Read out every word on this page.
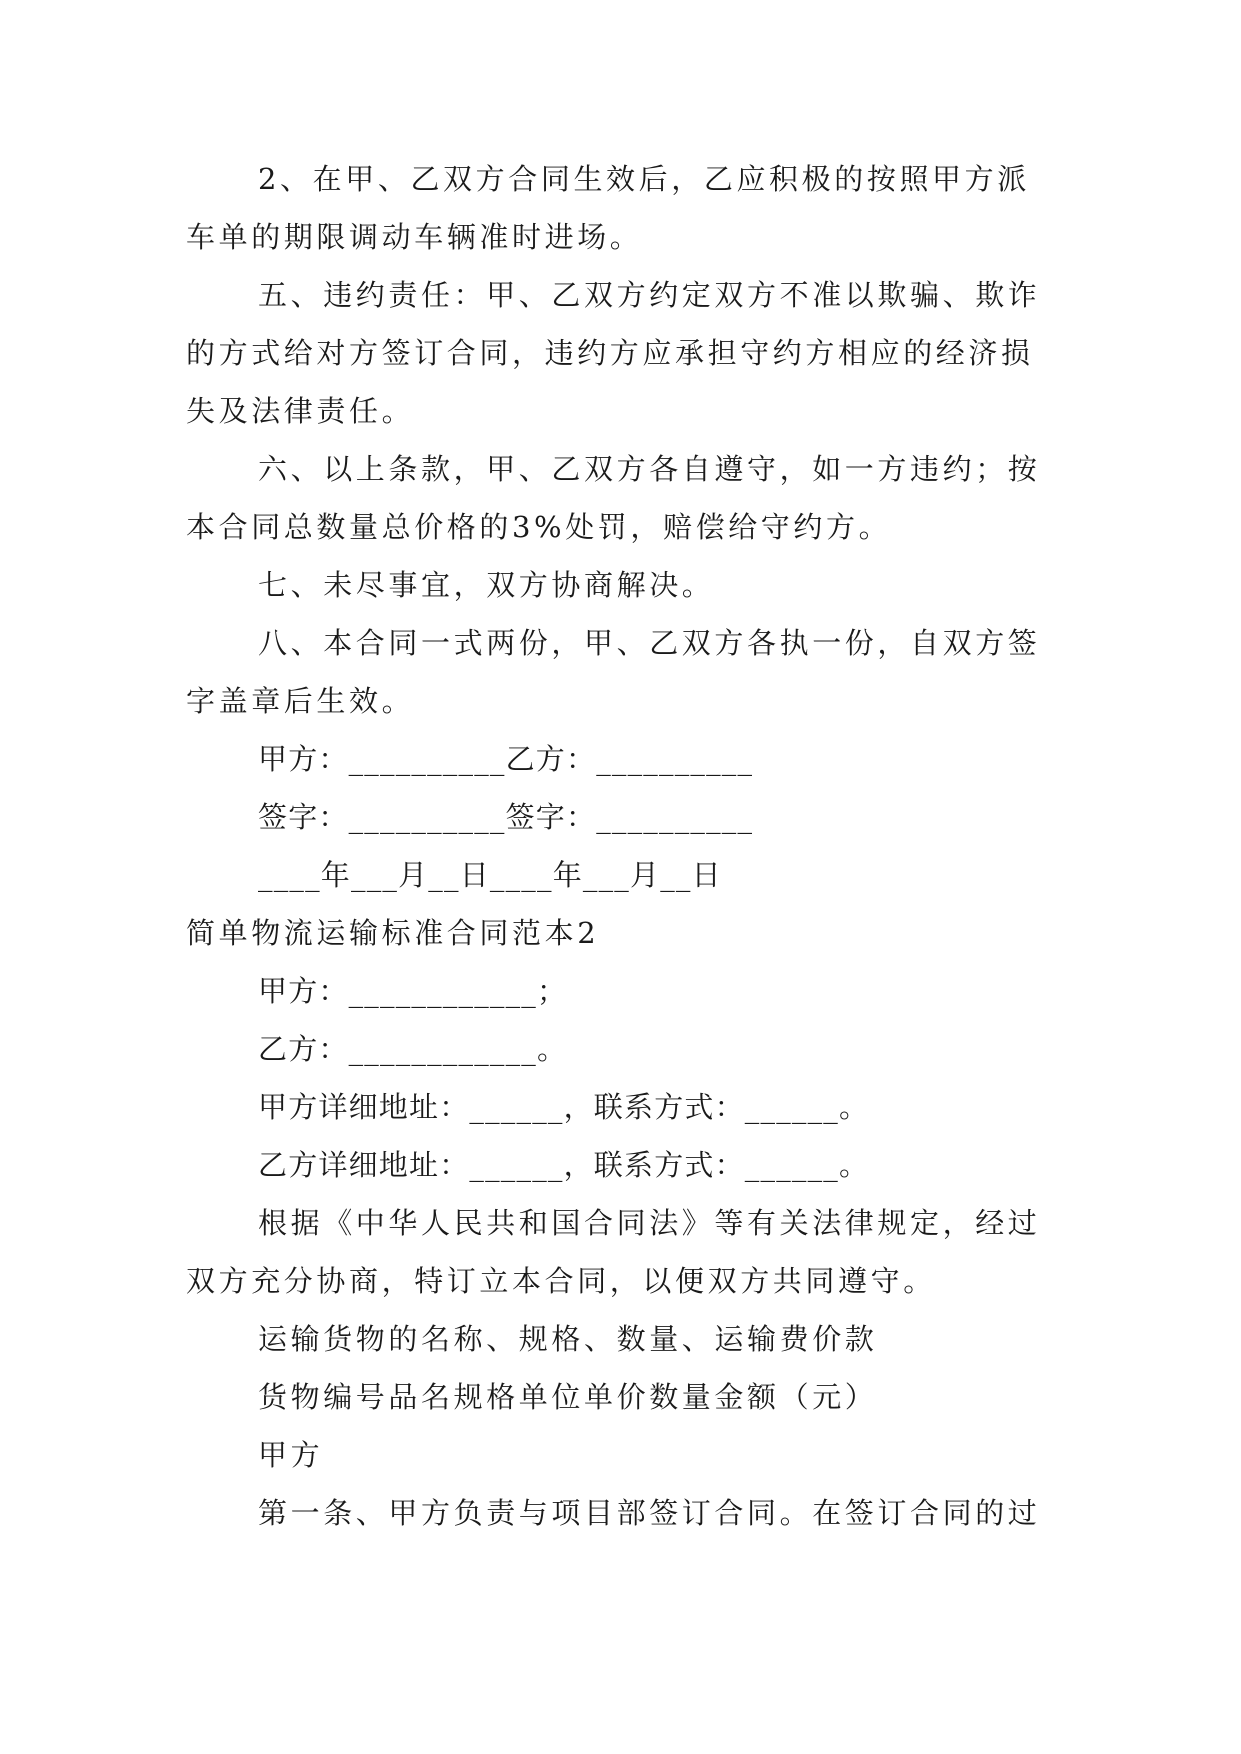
2、在甲、乙双方合同生效后，乙应积极的按照甲方派
车单的期限调动车辆准时进场。
五、违约责任：甲、乙双方约定双方不准以欺骗、欺诈
的方式给对方签订合同，违约方应承担守约方相应的经济损
失及法律责任。
六、以上条款，甲、乙双方各自遵守，如一方违约；按
本合同总数量总价格的3%处罚，赔偿给守约方。
七、未尽事宜，双方协商解决。
八、本合同一式两份，甲、乙双方各执一份，自双方签
字盖章后生效。
甲方：__________乙方：__________
签字：__________签字：__________
____年___月__日____年___月__日
简单物流运输标准合同范本2
甲方：____________；
乙方：____________。
甲方详细地址：______，联系方式：______。
乙方详细地址：______，联系方式：______。
根据《中华人民共和国合同法》等有关法律规定，经过
双方充分协商，特订立本合同，以便双方共同遵守。
运输货物的名称、规格、数量、运输费价款
货物编号品名规格单位单价数量金额（元）
甲方
第一条、甲方负责与项目部签订合同。在签订合同的过
